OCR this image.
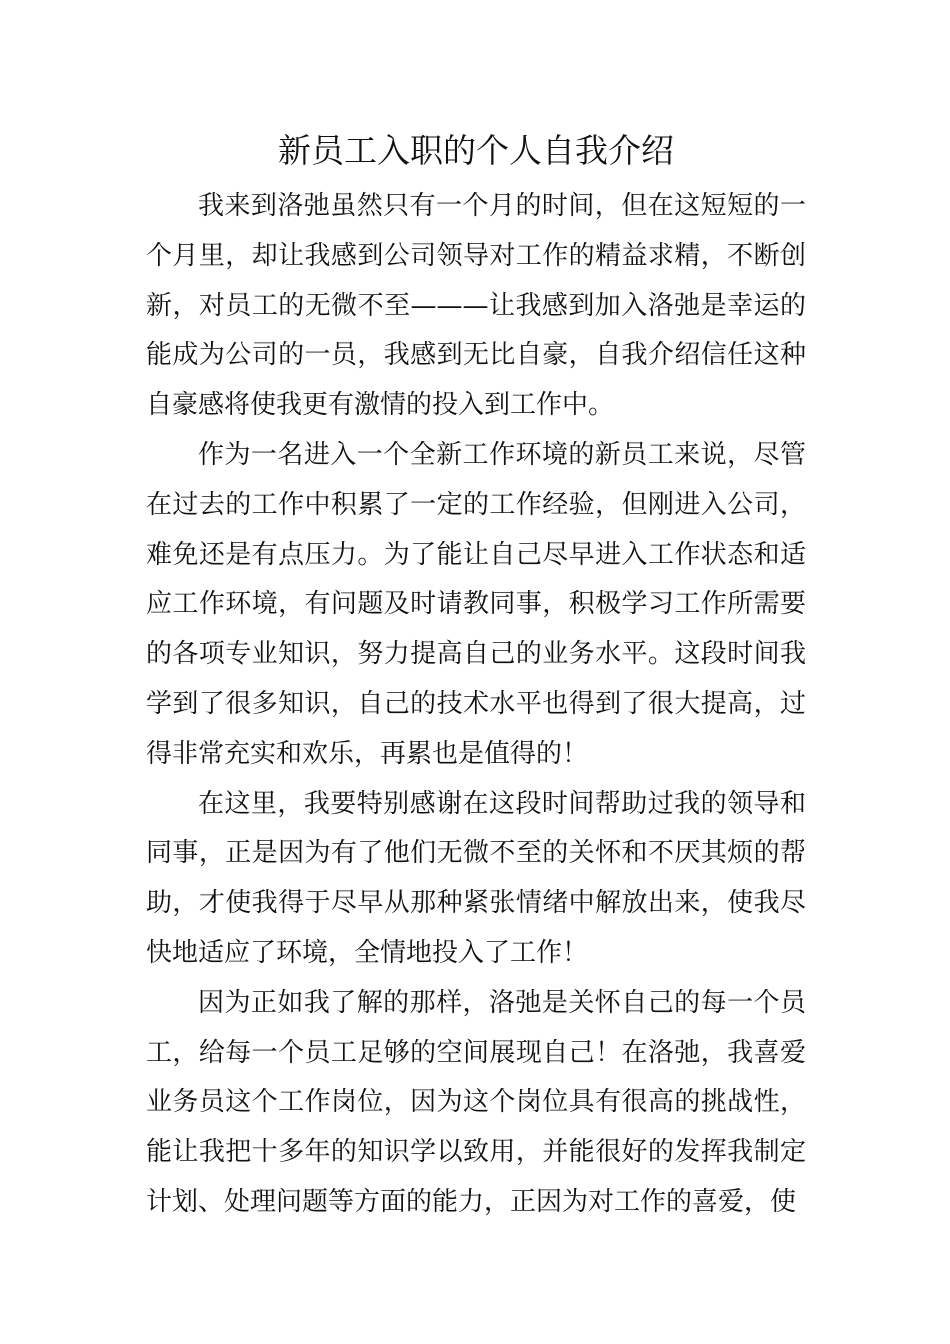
新员工入职的个人自我介绍

我来到洛弛虽然只有一个月的时间，但在这短短的一个月里，却让我感到公司领导对工作的精益求精，不断创新，对员工的无微不至———让我感到加入洛弛是幸运的能成为公司的一员，我感到无比自豪，自我介绍信任这种自豪感将使我更有激情的投入到工作中。

作为一名进入一个全新工作环境的新员工来说，尽管在过去的工作中积累了一定的工作经验，但刚进入公司，难免还是有点压力。为了能让自己尽早进入工作状态和适应工作环境，有问题及时请教同事，积极学习工作所需要的各项专业知识，努力提高自己的业务水平。这段时间我学到了很多知识，自己的技术水平也得到了很大提高，过得非常充实和欢乐，再累也是值得的！

在这里，我要特别感谢在这段时间帮助过我的领导和同事，正是因为有了他们无微不至的关怀和不厌其烦的帮助，才使我得于尽早从那种紧张情绪中解放出来，使我尽快地适应了环境，全情地投入了工作！

因为正如我了解的那样，洛弛是关怀自己的每一个员工，给每一个员工足够的空间展现自己！在洛弛，我喜爱业务员这个工作岗位，因为这个岗位具有很高的挑战性，能让我把十多年的知识学以致用，并能很好的发挥我制定计划、处理问题等方面的能力，正因为对工作的喜爱，使
